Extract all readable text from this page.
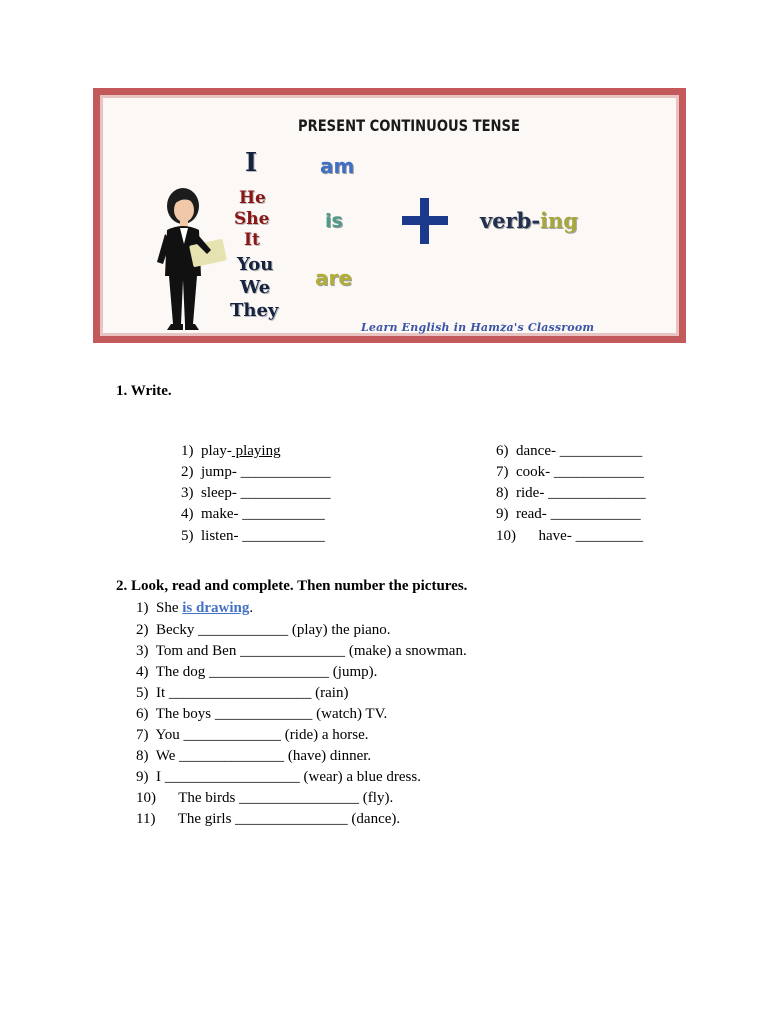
PRESENT CONTINUOUS TENSE
I
He
She
It
You
We
They
am
is
are
verb-ing
Learn English in Hamza's Classroom
1. Write.
1) play- playing
2) jump- ____________
3) sleep- ____________
4) make- ___________
5) listen- ___________
6) dance- ___________
7) cook- ____________
8) ride- _____________
9) read- ____________
10) have- _________
2. Look, read and complete. Then number the pictures.
1) She is drawing.
2) Becky ____________ (play) the piano.
3) Tom and Ben ______________ (make) a snowman.
4) The dog ________________ (jump).
5) It ___________________ (rain)
6) The boys _____________ (watch) TV.
7) You _____________ (ride) a horse.
8) We ______________ (have) dinner.
9) I __________________ (wear) a blue dress.
10) The birds ________________ (fly).
11) The girls _______________ (dance).
